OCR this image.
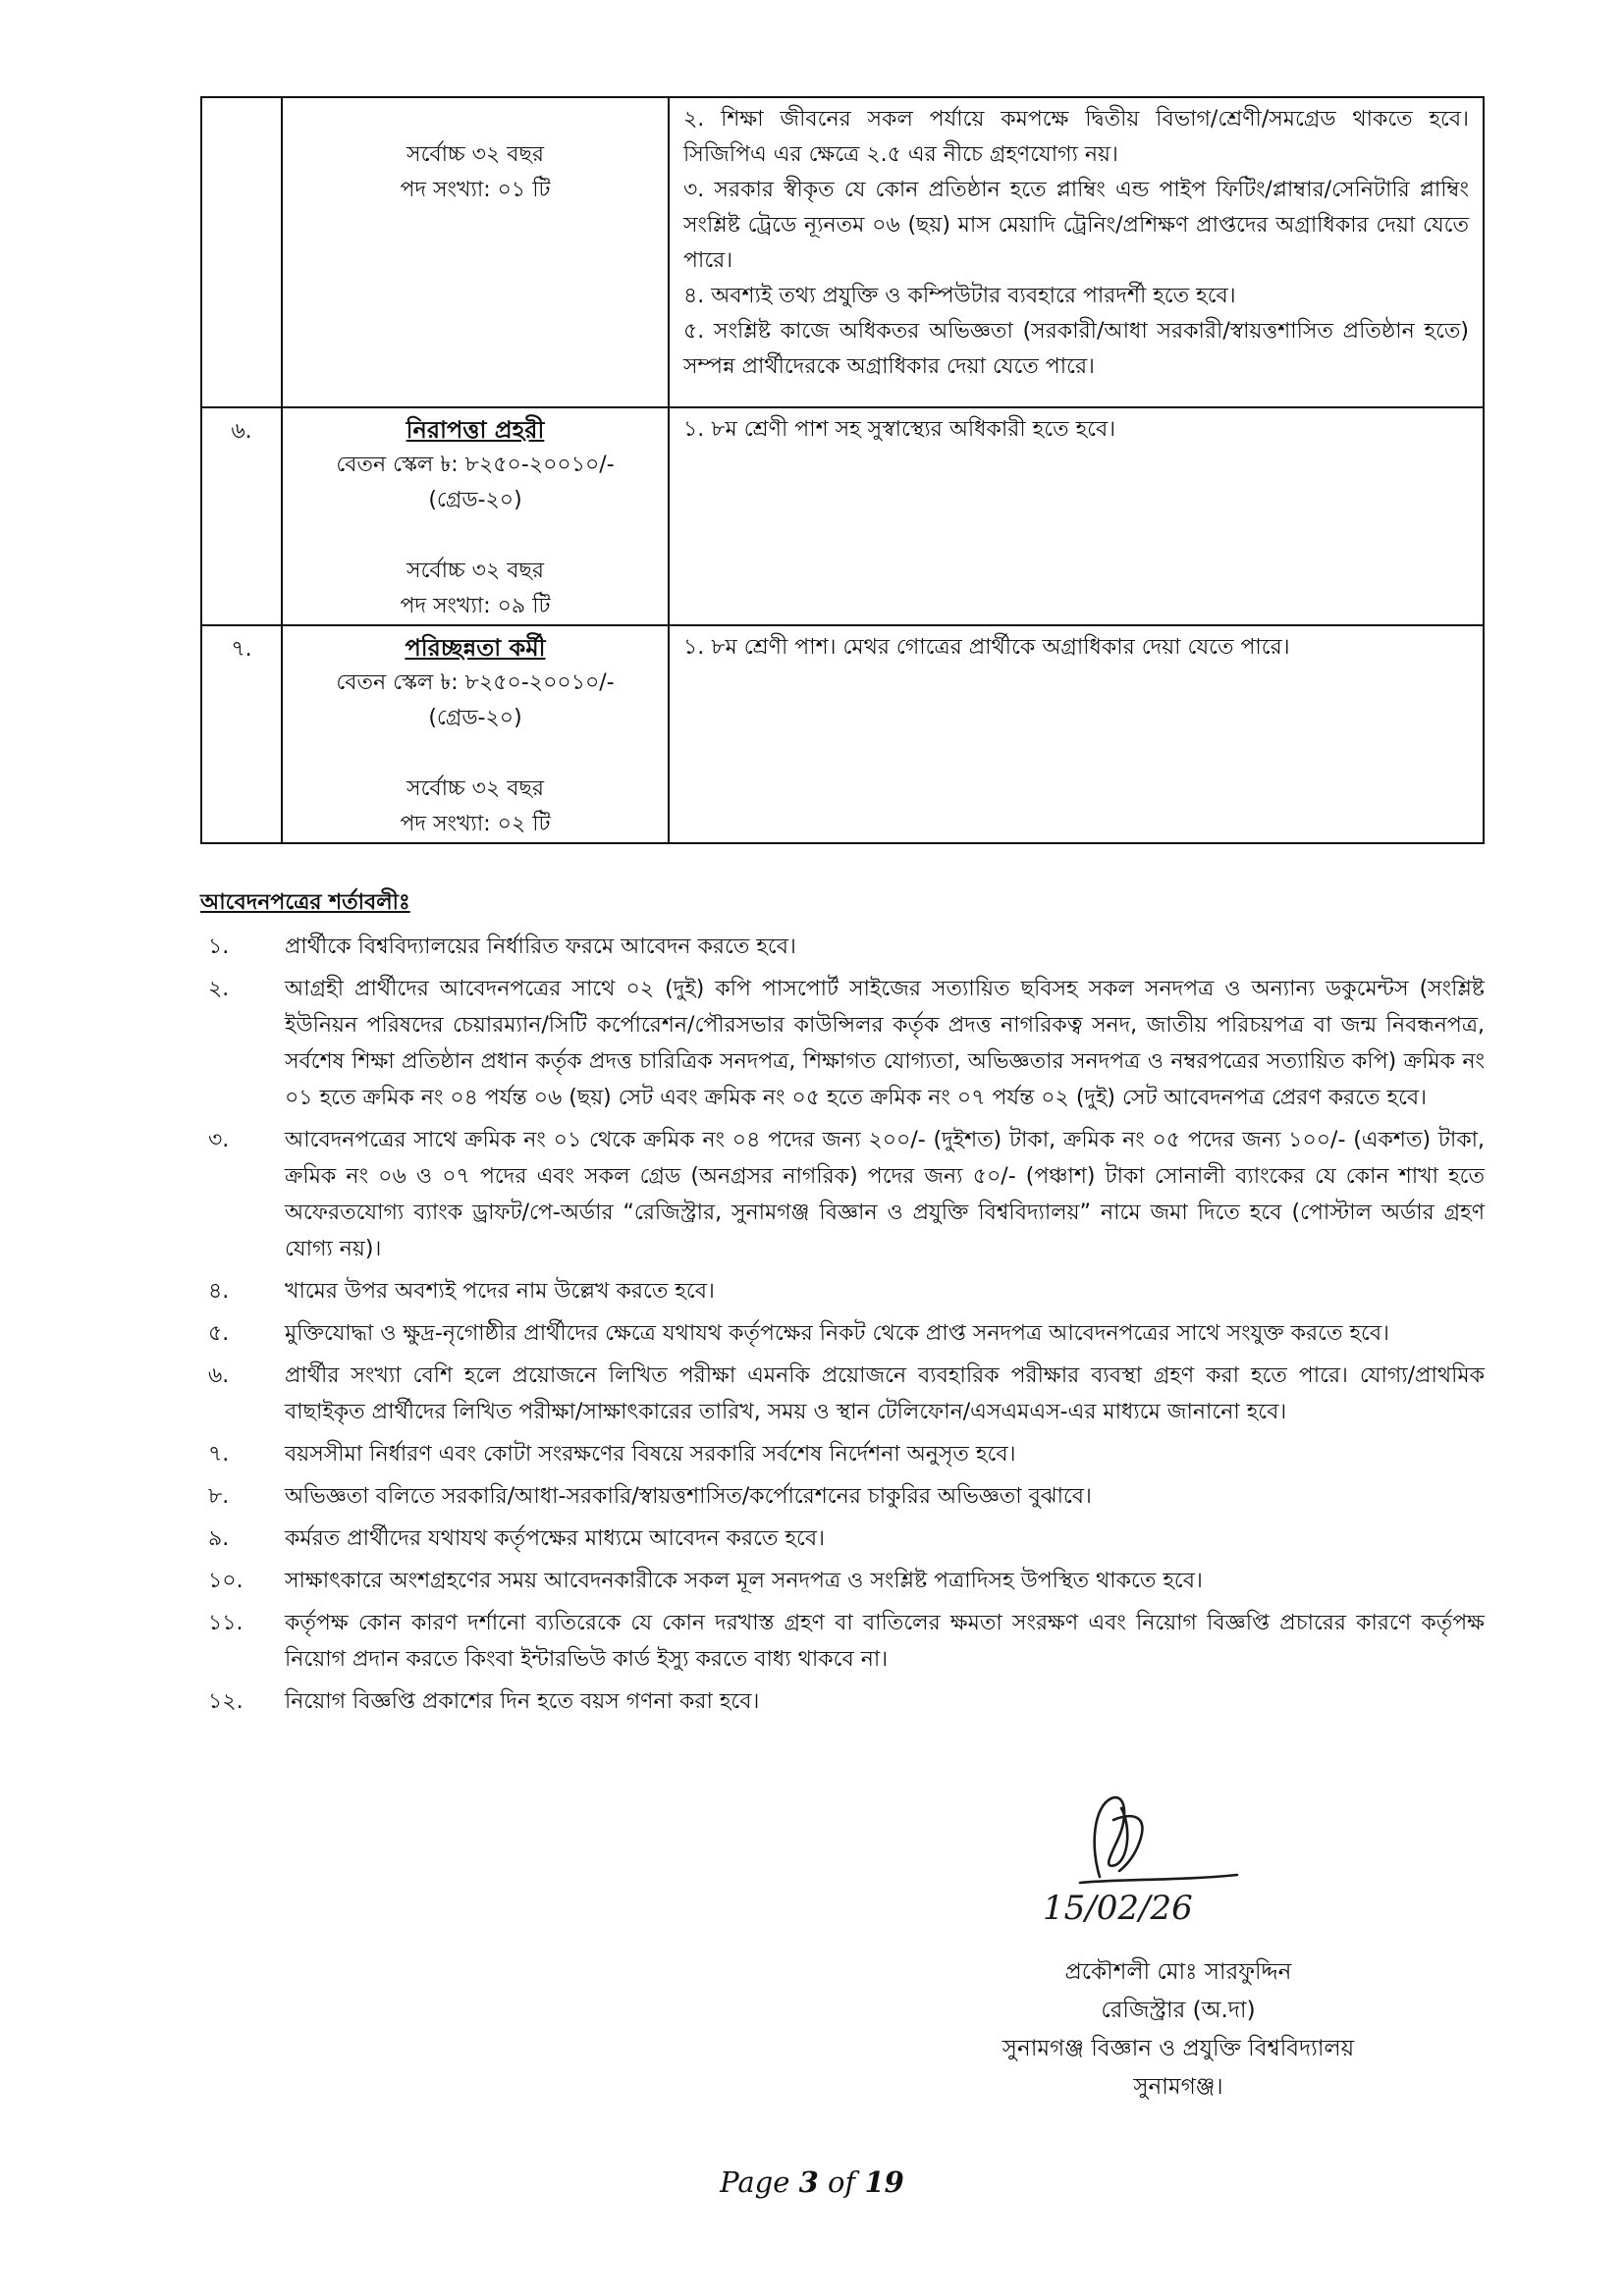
	সর্বোচ্চ ৩২ বছর
পদ সংখ্যা: ০১ টি	২. শিক্ষা জীবনের সকল পর্যায়ে কমপক্ষে দ্বিতীয় বিভাগ/শ্রেণী/সমগ্রেড থাকতে হবে। সিজিপিএ এর ক্ষেত্রে ২.৫ এর নীচে গ্রহণযোগ্য নয়।
৩. সরকার স্বীকৃত যে কোন প্রতিষ্ঠান হতে প্লাম্বিং এন্ড পাইপ ফিটিং/প্লাম্বার/সেনিটারি প্লাম্বিং সংশ্লিষ্ট ট্রেডে ন্যূনতম ০৬ (ছয়) মাস মেয়াদি ট্রেনিং/প্রশিক্ষণ প্রাপ্তদের অগ্রাধিকার দেয়া যেতে পারে।
৪. অবশ্যই তথ্য প্রযুক্তি ও কম্পিউটার ব্যবহারে পারদর্শী হতে হবে।
৫. সংশ্লিষ্ট কাজে অধিকতর অভিজ্ঞতা (সরকারী/আধা সরকারী/স্বায়ত্তশাসিত প্রতিষ্ঠান হতে) সম্পন্ন প্রার্থীদেরকে অগ্রাধিকার দেয়া যেতে পারে।

৬.	নিরাপত্তা প্রহরী
বেতন স্কেল ৳: ৮২৫০-২০০১০/-
(গ্রেড-২০)
সর্বোচ্চ ৩২ বছর
পদ সংখ্যা: ০৯ টি	১. ৮ম শ্রেণী পাশ সহ সুস্বাস্থ্যের অধিকারী হতে হবে।

৭.	পরিচ্ছন্নতা কর্মী
বেতন স্কেল ৳: ৮২৫০-২০০১০/-
(গ্রেড-২০)
সর্বোচ্চ ৩২ বছর
পদ সংখ্যা: ০২ টি	১. ৮ম শ্রেণী পাশ। মেথর গোত্রের প্রার্থীকে অগ্রাধিকার দেয়া যেতে পারে।
আবেদনপত্রের শর্তাবলীঃ
১.	প্রার্থীকে বিশ্ববিদ্যালয়ের নির্ধারিত ফরমে আবেদন করতে হবে।
২.	আগ্রহী প্রার্থীদের আবেদনপত্রের সাথে ০২ (দুই) কপি পাসপোর্ট সাইজের সত্যায়িত ছবিসহ সকল সনদপত্র ও অন্যান্য ডকুমেন্টস (সংশ্লিষ্ট ইউনিয়ন পরিষদের চেয়ারম্যান/সিটি কর্পোরেশন/পৌরসভার কাউন্সিলর কর্তৃক প্রদত্ত নাগরিকত্ব সনদ, জাতীয় পরিচয়পত্র বা জন্ম নিবন্ধনপত্র, সর্বশেষ শিক্ষা প্রতিষ্ঠান প্রধান কর্তৃক প্রদত্ত চারিত্রিক সনদপত্র, শিক্ষাগত যোগ্যতা, অভিজ্ঞতার সনদপত্র ও নম্বরপত্রের সত্যায়িত কপি) ক্রমিক নং ০১ হতে ক্রমিক নং ০৪ পর্যন্ত ০৬ (ছয়) সেট এবং ক্রমিক নং ০৫ হতে ক্রমিক নং ০৭ পর্যন্ত ০২ (দুই) সেট আবেদনপত্র প্রেরণ করতে হবে।
৩.	আবেদনপত্রের সাথে ক্রমিক নং ০১ থেকে ক্রমিক নং ০৪ পদের জন্য ২০০/- (দুইশত) টাকা, ক্রমিক নং ০৫ পদের জন্য ১০০/- (একশত) টাকা, ক্রমিক নং ০৬ ও ০৭ পদের এবং সকল গ্রেড (অনগ্রসর নাগরিক) পদের জন্য ৫০/- (পঞ্চাশ) টাকা সোনালী ব্যাংকের যে কোন শাখা হতে অফেরতযোগ্য ব্যাংক ড্রাফট/পে-অর্ডার “রেজিস্ট্রার, সুনামগঞ্জ বিজ্ঞান ও প্রযুক্তি বিশ্ববিদ্যালয়” নামে জমা দিতে হবে (পোস্টাল অর্ডার গ্রহণ যোগ্য নয়)।
৪.	খামের উপর অবশ্যই পদের নাম উল্লেখ করতে হবে।
৫.	মুক্তিযোদ্ধা ও ক্ষুদ্র-নৃগোষ্ঠীর প্রার্থীদের ক্ষেত্রে যথাযথ কর্তৃপক্ষের নিকট থেকে প্রাপ্ত সনদপত্র আবেদনপত্রের সাথে সংযুক্ত করতে হবে।
৬.	প্রার্থীর সংখ্যা বেশি হলে প্রয়োজনে লিখিত পরীক্ষা এমনকি প্রয়োজনে ব্যবহারিক পরীক্ষার ব্যবস্থা গ্রহণ করা হতে পারে। যোগ্য/প্রাথমিক বাছাইকৃত প্রার্থীদের লিখিত পরীক্ষা/সাক্ষাৎকারের তারিখ, সময় ও স্থান টেলিফোন/এসএমএস-এর মাধ্যমে জানানো হবে।
৭.	বয়সসীমা নির্ধারণ এবং কোটা সংরক্ষণের বিষয়ে সরকারি সর্বশেষ নির্দেশনা অনুসৃত হবে।
৮.	অভিজ্ঞতা বলিতে সরকারি/আধা-সরকারি/স্বায়ত্তশাসিত/কর্পোরেশনের চাকুরির অভিজ্ঞতা বুঝাবে।
৯.	কর্মরত প্রার্থীদের যথাযথ কর্তৃপক্ষের মাধ্যমে আবেদন করতে হবে।
১০.	সাক্ষাৎকারে অংশগ্রহণের সময় আবেদনকারীকে সকল মূল সনদপত্র ও সংশ্লিষ্ট পত্রাদিসহ উপস্থিত থাকতে হবে।
১১.	কর্তৃপক্ষ কোন কারণ দর্শানো ব্যতিরেকে যে কোন দরখাস্ত গ্রহণ বা বাতিলের ক্ষমতা সংরক্ষণ এবং নিয়োগ বিজ্ঞপ্তি প্রচারের কারণে কর্তৃপক্ষ নিয়োগ প্রদান করতে কিংবা ইন্টারভিউ কার্ড ইস্যু করতে বাধ্য থাকবে না।
১২.	নিয়োগ বিজ্ঞপ্তি প্রকাশের দিন হতে বয়স গণনা করা হবে।
15/02/26
প্রকৌশলী মোঃ সারফুদ্দিন
রেজিস্ট্রার (অ.দা)
সুনামগঞ্জ বিজ্ঞান ও প্রযুক্তি বিশ্ববিদ্যালয়
সুনামগঞ্জ।
Page 3 of 19
